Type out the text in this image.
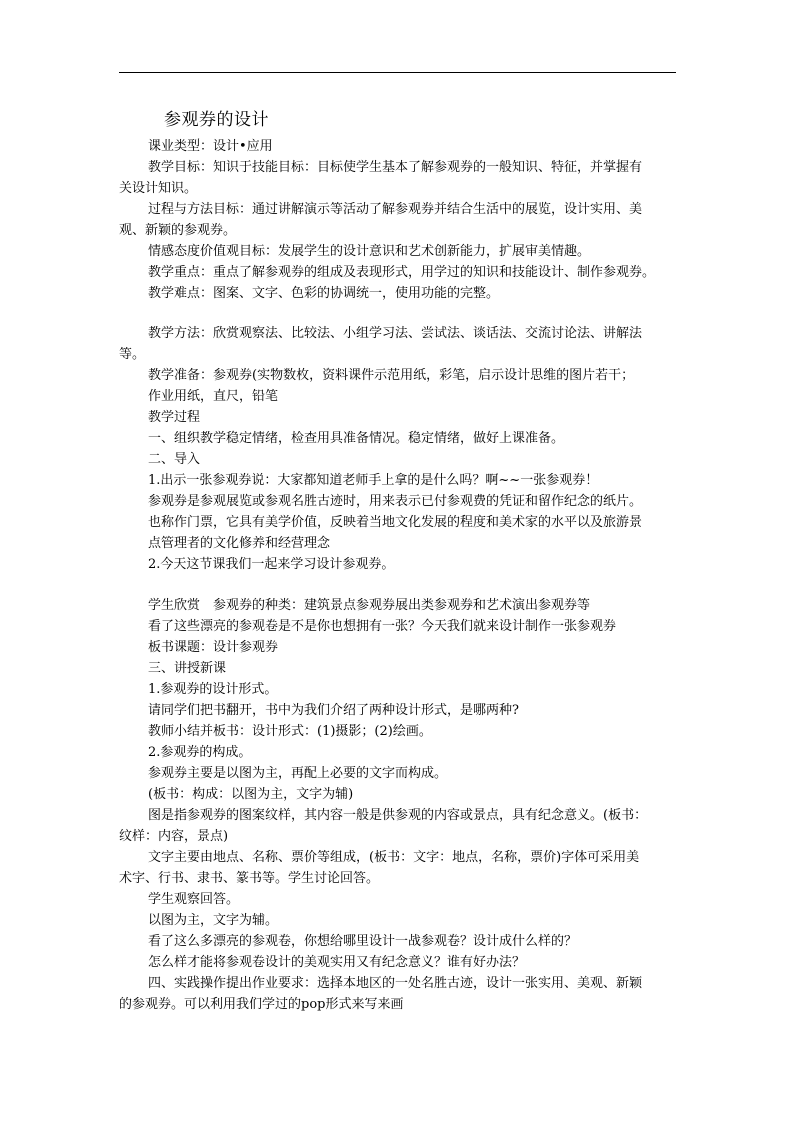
参观券的设计
课业类型：设计•应用
教学目标：知识于技能目标：目标使学生基本了解参观券的一般知识、特征，并掌握有
关设计知识。
过程与方法目标：通过讲解演示等活动了解参观券并结合生活中的展览，设计实用、美
观、新颖的参观券。
情感态度价值观目标：发展学生的设计意识和艺术创新能力，扩展审美情趣。
教学重点：重点了解参观券的组成及表现形式，用学过的知识和技能设计、制作参观券。
教学难点：图案、文字、色彩的协调统一，使用功能的完整。
教学方法：欣赏观察法、比较法、小组学习法、尝试法、谈话法、交流讨论法、讲解法
等。
教学准备：参观券(实物数枚，资料课件示范用纸，彩笔，启示设计思维的图片若干；
作业用纸，直尺，铅笔
教学过程
一、组织教学稳定情绪，检查用具准备情况。稳定情绪，做好上课准备。
二、导入
1.出示一张参观券说：大家都知道老师手上拿的是什么吗？啊~~一张参观券！
参观券是参观展览或参观名胜古迹时，用来表示已付参观费的凭证和留作纪念的纸片。
也称作门票，它具有美学价值，反映着当地文化发展的程度和美术家的水平以及旅游景
点管理者的文化修养和经营理念
2.今天这节课我们一起来学习设计参观券。
学生欣赏　参观券的种类：建筑景点参观券展出类参观券和艺术演出参观券等
看了这些漂亮的参观卷是不是你也想拥有一张？今天我们就来设计制作一张参观券
板书课题：设计参观券
三、讲授新课
1.参观券的设计形式。
请同学们把书翻开，书中为我们介绍了两种设计形式，是哪两种?
教师小结并板书：设计形式：(1)摄影；(2)绘画。
2.参观券的构成。
参观券主要是以图为主，再配上必要的文字而构成。
(板书：构成：以图为主，文字为辅)
图是指参观券的图案纹样，其内容一般是供参观的内容或景点，具有纪念意义。(板书：
纹样：内容，景点)
文字主要由地点、名称、票价等组成，(板书：文字：地点，名称，票价)字体可采用美
术字、行书、隶书、篆书等。学生讨论回答。
学生观察回答。
以图为主，文字为辅。
看了这么多漂亮的参观卷，你想给哪里设计一战参观卷？设计成什么样的？
怎么样才能将参观卷设计的美观实用又有纪念意义？谁有好办法？
四、实践操作提出作业要求：选择本地区的一处名胜古迹，设计一张实用、美观、新颖
的参观券。可以利用我们学过的pop形式来写来画
